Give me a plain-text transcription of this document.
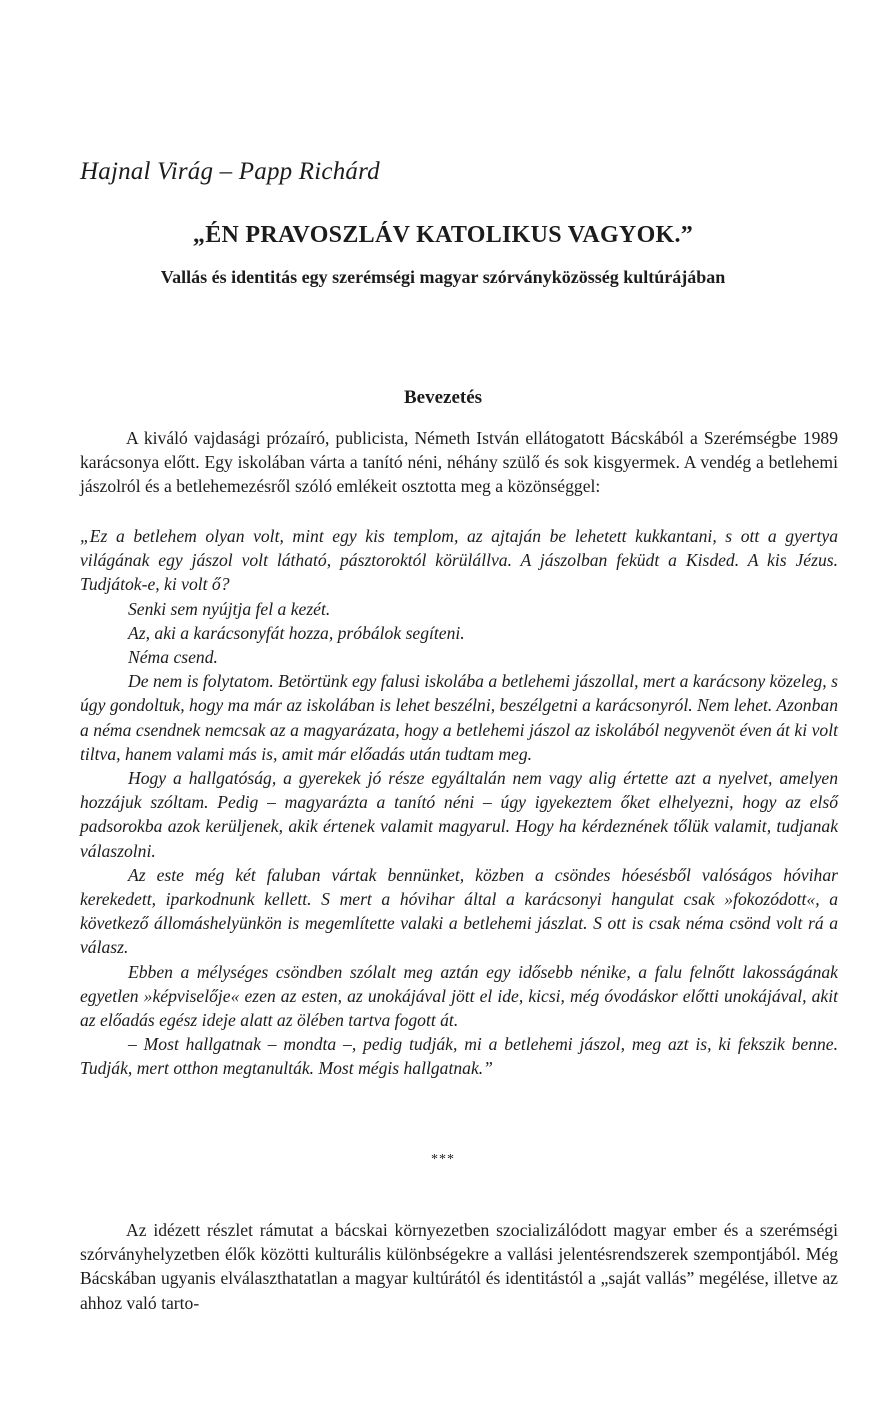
Hajnal Virág – Papp Richárd

„ÉN PRAVOSZLÁV KATOLIKUS VAGYOK.”
Vallás és identitás egy szerémségi magyar szórványközösség kultúrájában
Bevezetés

A kiváló vajdasági prózaíró, publicista, Németh István ellátogatott Bácskából a Szerémségbe 1989 karácsonya előtt. Egy iskolában várta a tanító néni, néhány szülő és sok kisgyermek. A vendég a betlehemi jászolról és a betlehemezésről szóló emlékeit osztotta meg a közönséggel:

„Ez a betlehem olyan volt, mint egy kis templom, az ajtaján be lehetett kukkantani, s ott a gyertya világának egy jászol volt látható, pásztoroktól körülállva. A jászolban feküdt a Kisded. A kis Jézus. Tudjátok-e, ki volt ő?

Senki sem nyújtja fel a kezét.

Az, aki a karácsonyfát hozza, próbálok segíteni.

Néma csend.

De nem is folytatom. Betörtünk egy falusi iskolába a betlehemi jászollal, mert a karácsony közeleg, s úgy gondoltuk, hogy ma már az iskolában is lehet beszélni, beszélgetni a karácsonyról. Nem lehet. Azonban a néma csendnek nemcsak az a magyarázata, hogy a betlehemi jászol az iskolából negyvenöt éven át ki volt tiltva, hanem valami más is, amit már előadás után tudtam meg.

Hogy a hallgatóság, a gyerekek jó része egyáltalán nem vagy alig értette azt a nyelvet, amelyen hozzájuk szóltam. Pedig – magyarázta a tanító néni – úgy igyekeztem őket elhelyezni, hogy az első padsorokba azok kerüljenek, akik értenek valamit magyarul. Hogy ha kérdeznének tőlük valamit, tudjanak válaszolni.

Az este még két faluban vártak bennünket, közben a csöndes hóesésből valóságos hóvihar kerekedett, iparkodnunk kellett. S mert a hóvihar által a karácsonyi hangulat csak »fokozódott«, a következő állomáshelyünkön is megemlítette valaki a betlehemi jászlat. S ott is csak néma csönd volt rá a válasz.

Ebben a mélységes csöndben szólalt meg aztán egy idősebb nénike, a falu felnőtt lakosságának egyetlen »képviselője« ezen az esten, az unokájával jött el ide, kicsi, még óvodáskor előtti unokájával, akit az előadás egész ideje alatt az ölében tartva fogott át.

– Most hallgatnak – mondta –, pedig tudják, mi a betlehemi jászol, meg azt is, ki fekszik benne. Tudják, mert otthon megtanulták. Most mégis hallgatnak.”

***

Az idézett részlet rámutat a bácskai környezetben szocializálódott magyar ember és a szerémségi szórványhelyzetben élők közötti kulturális különbségekre a vallási jelentésrendszerek szempontjából. Még Bácskában ugyanis elválaszthatatlan a magyar kultúrától és identitástól a „saját vallás” megélése, illetve az ahhoz való tarto-
